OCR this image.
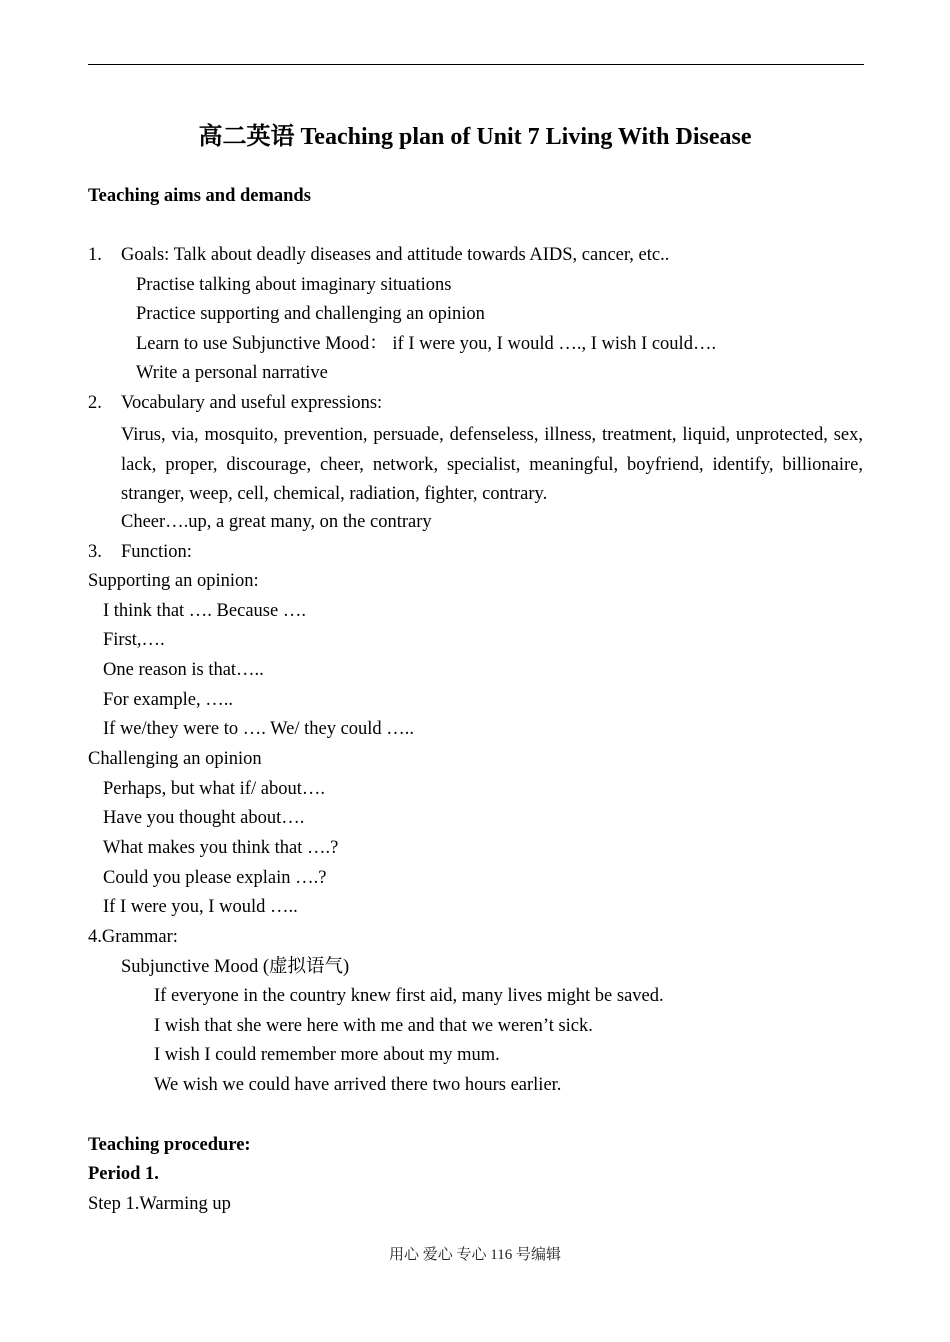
高二英语 Teaching plan of Unit 7 Living With Disease
Teaching aims and demands
1. Goals: Talk about deadly diseases and attitude towards AIDS, cancer, etc..
Practise talking about imaginary situations
Practice supporting and challenging an opinion
Learn to use Subjunctive Mood： if I were you, I would …., I wish I could….
Write a personal narrative
2. Vocabulary and useful expressions:
Virus, via, mosquito, prevention, persuade, defenseless, illness, treatment, liquid, unprotected, sex, lack, proper, discourage, cheer, network, specialist, meaningful, boyfriend, identify, billionaire, stranger, weep, cell, chemical, radiation, fighter, contrary.
Cheer….up, a great many, on the contrary
3. Function:
Supporting an opinion:
I think that …. Because ….
First,….
One reason is that…..
For example, …..
If we/they were to …. We/ they could …..
Challenging an opinion
Perhaps, but what if/ about….
Have you thought about….
What makes you think that ….?
Could you please explain ….?
If I were you, I would …..
4.Grammar:
Subjunctive Mood (虚拟语气)
If everyone in the country knew first aid, many lives might be saved.
I wish that she were here with me and that we weren’t sick.
I wish I could remember more about my mum.
We wish we could have arrived there two hours earlier.
Teaching procedure:
Period 1.
Step 1.Warming up
用心 爱心 专心 116 号编辑
